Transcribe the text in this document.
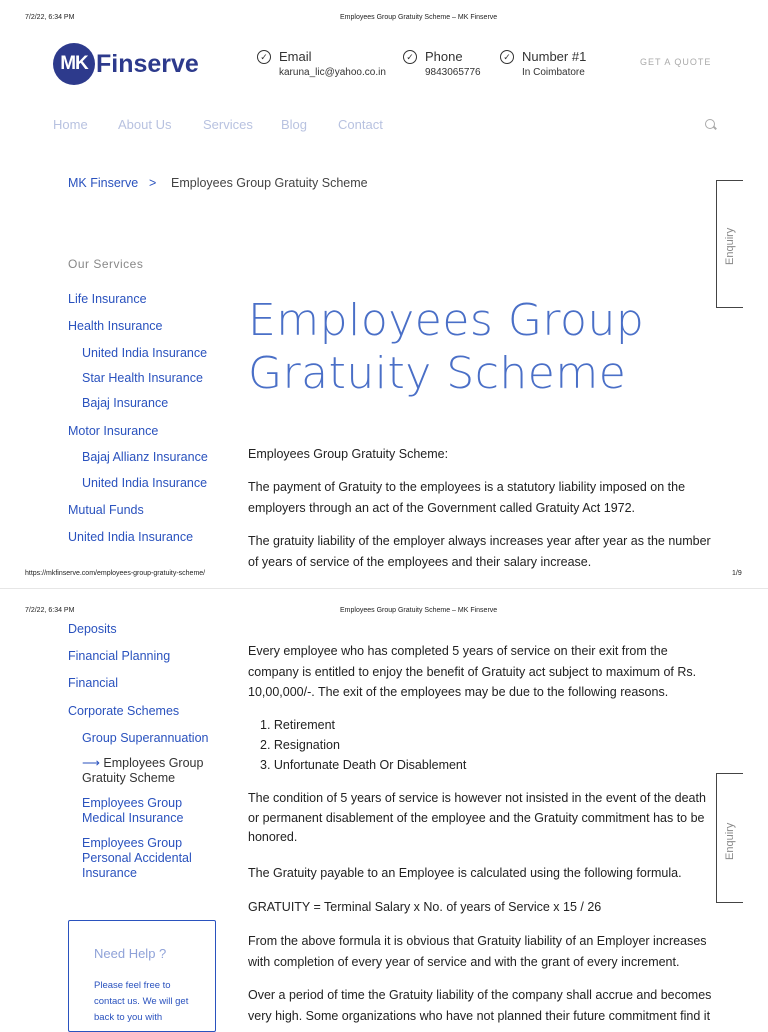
7/2/22, 6:34 PM	Employees Group Gratuity Scheme – MK Finserve
MK Finserve	✓ Email
karuna_lic@yahoo.co.in
✓ Phone
9843065776
✓ Number #1
In Coimbatore
GET A QUOTE
Home About Us Services Blog Contact
MK Finserve > Employees Group Gratuity Scheme
Enquiry
Our Services
Life Insurance
Health Insurance
United India Insurance
Star Health Insurance
Bajaj Insurance
Motor Insurance
Bajaj Allianz Insurance
United India Insurance
Mutual Funds
United India Insurance
Employees Group
Gratuity Scheme
Employees Group Gratuity Scheme:
The payment of Gratuity to the employees is a statutory liability imposed on the employers through an act of the Government called Gratuity Act 1972.
The gratuity liability of the employer always increases year after year as the number of years of service of the employees and their salary increase.
https://mkfinserve.com/employees-group-gratuity-scheme/	1/9
7/2/22, 6:34 PM	Employees Group Gratuity Scheme – MK Finserve
Deposits
Financial Planning
Financial
Corporate Schemes
Group Superannuation
⟶ Employees Group Gratuity Scheme
Employees Group Medical Insurance
Employees Group Personal Accidental Insurance
Need Help ?
Please feel free to contact us. We will get back to you with
Enquiry
Every employee who has completed 5 years of service on their exit from the company is entitled to enjoy the benefit of Gratuity act subject to maximum of Rs. 10,00,000/-. The exit of the employees may be due to the following reasons.
1. Retirement
2. Resignation
3. Unfortunate Death Or Disablement
The condition of 5 years of service is however not insisted in the event of the death or permanent disablement of the employee and the Gratuity commitment has to be honored.
The Gratuity payable to an Employee is calculated using the following formula.
GRATUITY = Terminal Salary x No. of years of Service x 15 / 26
From the above formula it is obvious that Gratuity liability of an Employer increases with completion of every year of service and with the grant of every increment.
Over a period of time the Gratuity liability of the company shall accrue and becomes very high. Some organizations who have not planned their future commitment find it
